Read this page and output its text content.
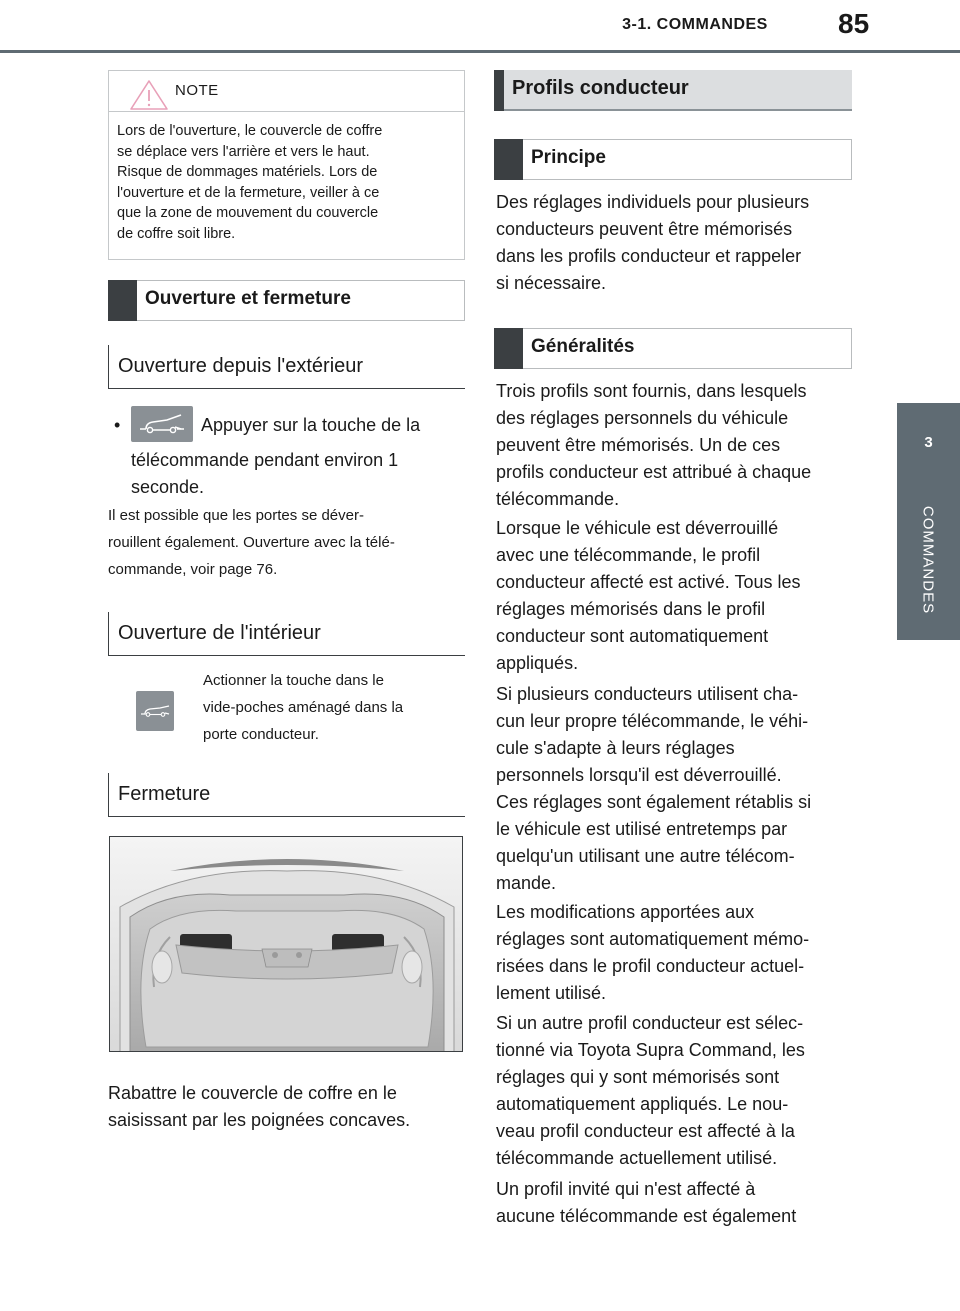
3-1. COMMANDES	85
3
COMMANDES
NOTE
Lors de l'ouverture, le couvercle de coffre
se déplace vers l'arrière et vers le haut.
Risque de dommages matériels. Lors de
l'ouverture et de la fermeture, veiller à ce
que la zone de mouvement du couvercle
de coffre soit libre.
Ouverture et fermeture
Ouverture depuis l'extérieur
•	Appuyer sur la touche de la
télécommande pendant environ 1
seconde.
Il est possible que les portes se déver-
rouillent également. Ouverture avec la télé-
commande, voir page 76.
Ouverture de l'intérieur
Actionner la touche dans le
vide-poches aménagé dans la
porte conducteur.
Fermeture
Rabattre le couvercle de coffre en le
saisissant par les poignées concaves.
Profils conducteur
Principe
Des réglages individuels pour plusieurs
conducteurs peuvent être mémorisés
dans les profils conducteur et rappeler
si nécessaire.
Généralités
Trois profils sont fournis, dans lesquels
des réglages personnels du véhicule
peuvent être mémorisés. Un de ces
profils conducteur est attribué à chaque
télécommande.
Lorsque le véhicule est déverrouillé
avec une télécommande, le profil
conducteur affecté est activé. Tous les
réglages mémorisés dans le profil
conducteur sont automatiquement
appliqués.
Si plusieurs conducteurs utilisent cha-
cun leur propre télécommande, le véhi-
cule s'adapte à leurs réglages
personnels lorsqu'il est déverrouillé.
Ces réglages sont également rétablis si
le véhicule est utilisé entretemps par
quelqu'un utilisant une autre télécom-
mande.
Les modifications apportées aux
réglages sont automatiquement mémo-
risées dans le profil conducteur actuel-
lement utilisé.
Si un autre profil conducteur est sélec-
tionné via Toyota Supra Command, les
réglages qui y sont mémorisés sont
automatiquement appliqués. Le nou-
veau profil conducteur est affecté à la
télécommande actuellement utilisé.
Un profil invité qui n'est affecté à
aucune télécommande est également
